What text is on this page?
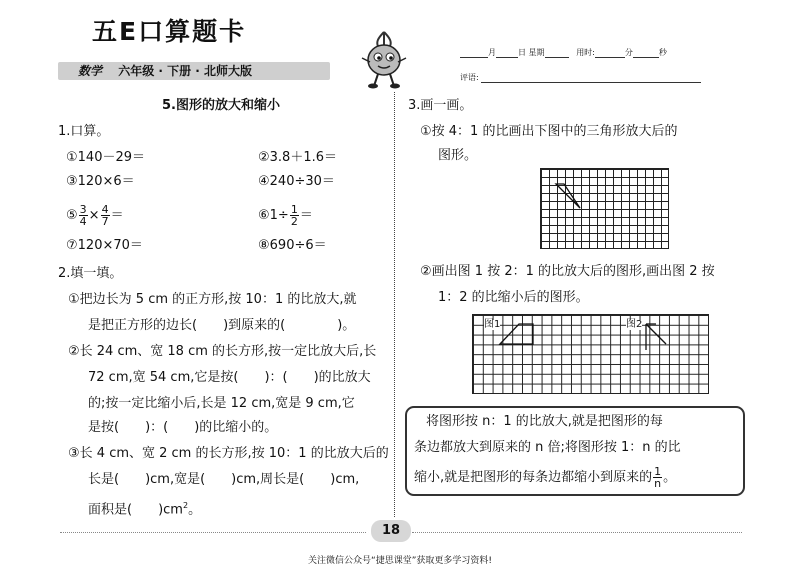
五E口算题卡
数学 六年级 · 下册 · 北师大版
月	日 星期	用时:	分	秒
评语:
5.图形的放大和缩小
1.口算。
①140－29＝	②3.8＋1.6＝
③120×6＝	④240÷30＝
⑤ $\frac{3}{4} \times \frac{4}{7}$ ＝	⑥1÷ $\frac{1}{2}$ ＝
⑦120×70＝	⑧690÷6＝
2.填一填。
①把边长为 5 cm 的正方形,按 10：1 的比放大,就
是把正方形的边长(　　)到原来的(　　　　)。
②长 24 cm、宽 18 cm 的长方形,按一定比放大后,长
72 cm,宽 54 cm,它是按(　　)：(　　)的比放大
的;按一定比缩小后,长是 12 cm,宽是 9 cm,它
是按(　　)：(　　)的比缩小的。
③长 4 cm、宽 2 cm 的长方形,按 10：1 的比放大后的
长是(　　)cm,宽是(　　)cm,周长是(　　)cm,
面积是(　　)$cm^2$。
3.画一画。
①按 4：1 的比画出下图中的三角形放大后的
图形。
②画出图 1 按 2：1 的比放大后的图形,画出图 2 按
1：2 的比缩小后的图形。
图1	图2
将图形按 n：1 的比放大,就是把图形的每
条边都放大到原来的 n 倍;将图形按 1：n 的比
缩小,就是把图形的每条边都缩小到原来的 $\frac{1}{n}$ 。
18
关注微信公众号“捷思课堂”获取更多学习资料!
